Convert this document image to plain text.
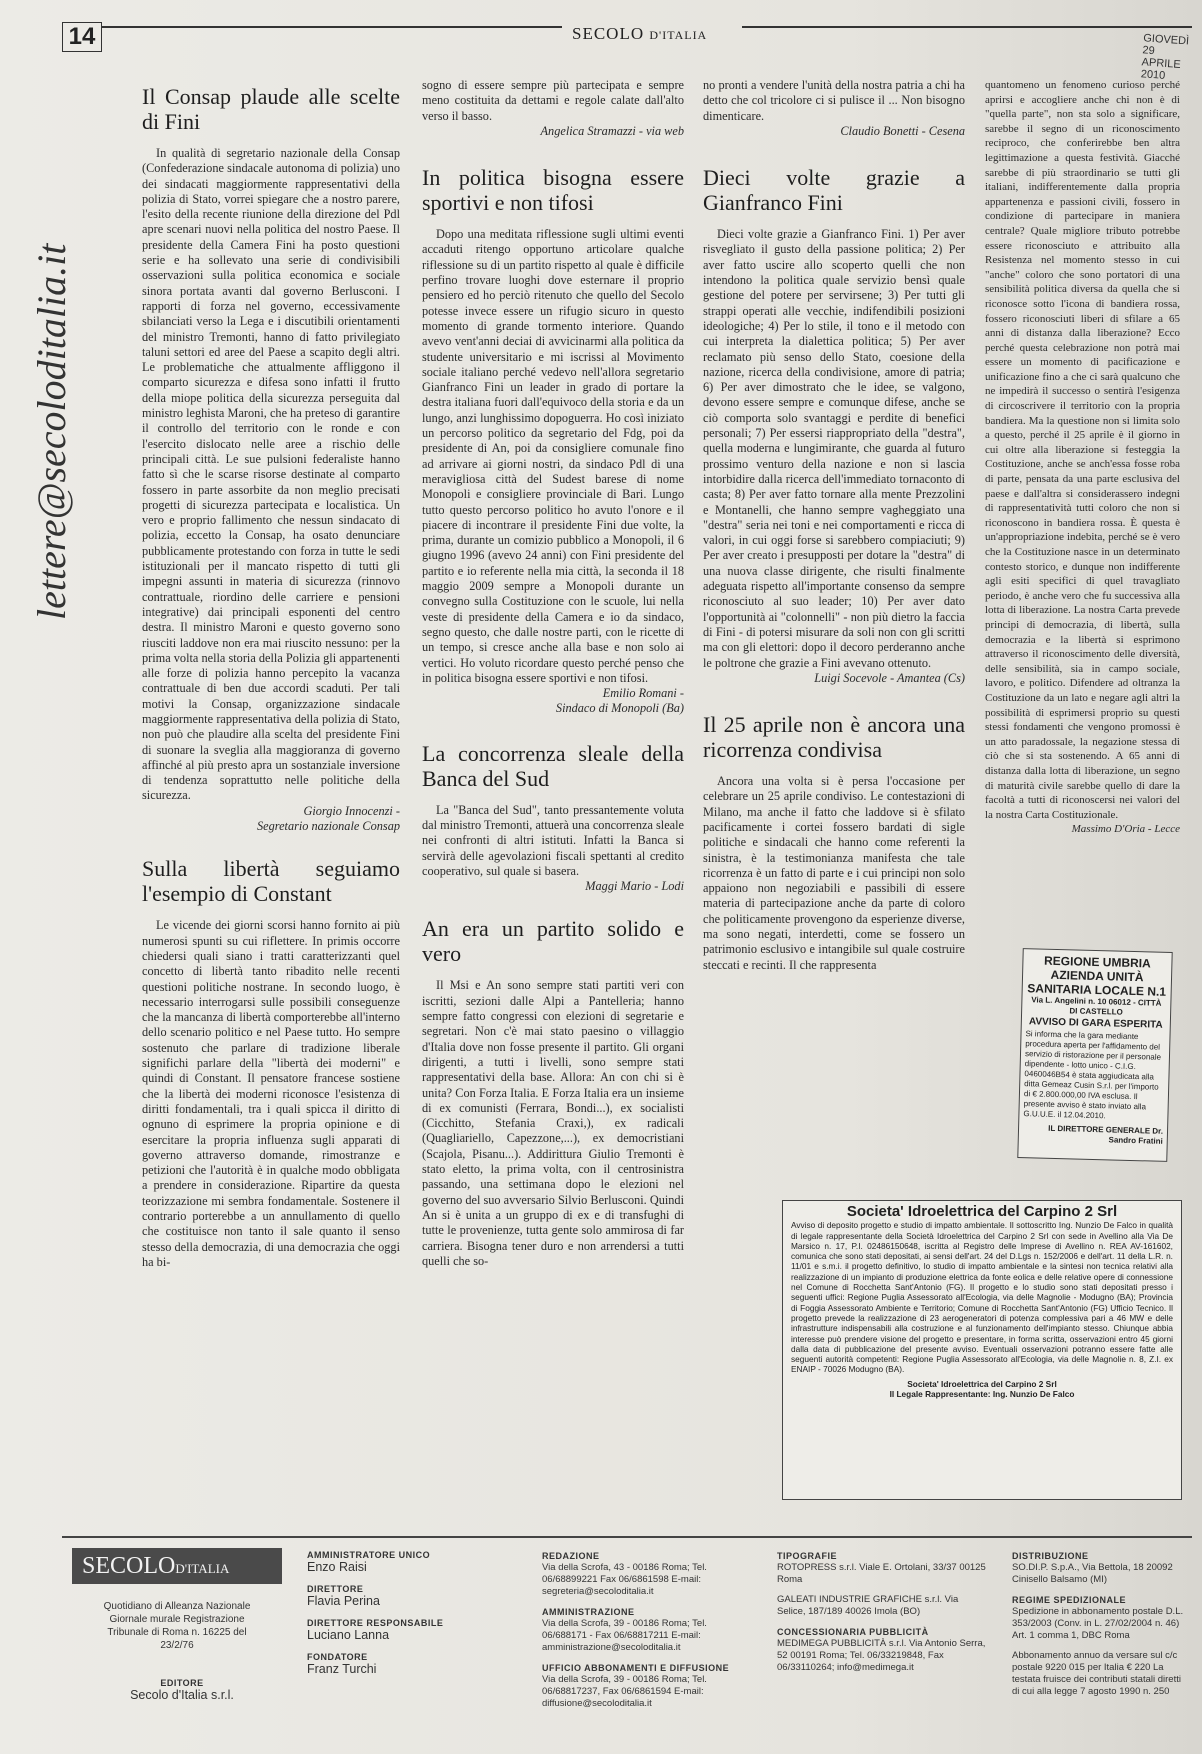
14	SECOLO D'ITALIA	GIOVEDÌ 29 APRILE 2010
lettere@secoloditalia.it
Il Consap plaude alle scelte di Fini

In qualità di segretario nazionale della Consap (Confederazione sindacale autonoma di polizia) uno dei sindacati maggiormente rappresentativi della polizia di Stato, vorrei spiegare che a nostro parere, l'esito della recente riunione della direzione del Pdl apre scenari nuovi nella politica del nostro Paese. Il presidente della Camera Fini ha posto questioni serie e ha sollevato una serie di condivisibili osservazioni sulla politica economica e sociale sinora portata avanti dal governo Berlusconi. I rapporti di forza nel governo, eccessivamente sbilanciati verso la Lega e i discutibili orientamenti del ministro Tremonti, hanno di fatto privilegiato taluni settori ed aree del Paese a scapito degli altri. Le problematiche che attualmente affliggono il comparto sicurezza e difesa sono infatti il frutto della miope politica della sicurezza perseguita dal ministro leghista Maroni, che ha preteso di garantire il controllo del territorio con le ronde e con l'esercito dislocato nelle aree a rischio delle principali città. Le sue pulsioni federaliste hanno fatto sì che le scarse risorse destinate al comparto fossero in parte assorbite da non meglio precisati progetti di sicurezza partecipata e localistica. Un vero e proprio fallimento che nessun sindacato di polizia, eccetto la Consap, ha osato denunciare pubblicamente protestando con forza in tutte le sedi istituzionali per il mancato rispetto di tutti gli impegni assunti in materia di sicurezza (rinnovo contrattuale, riordino delle carriere e pensioni integrative) dai principali esponenti del centro destra. Il ministro Maroni e questo governo sono riusciti laddove non era mai riuscito nessuno: per la prima volta nella storia della Polizia gli appartenenti alle forze di polizia hanno percepito la vacanza contrattuale di ben due accordi scaduti. Per tali motivi la Consap, organizzazione sindacale maggiormente rappresentativa della polizia di Stato, non può che plaudire alla scelta del presidente Fini di suonare la sveglia alla maggioranza di governo affinché al più presto apra un sostanziale inversione di tendenza soprattutto nelle politiche della sicurezza.

Giorgio Innocenzi -

Segretario nazionale Consap

Sulla libertà seguiamo l'esempio di Constant

Le vicende dei giorni scorsi hanno fornito ai più numerosi spunti su cui riflettere. In primis occorre chiedersi quali siano i tratti caratterizzanti quel concetto di libertà tanto ribadito nelle recenti questioni politiche nostrane. In secondo luogo, è necessario interrogarsi sulle possibili conseguenze che la mancanza di libertà comporterebbe all'interno dello scenario politico e nel Paese tutto. Ho sempre sostenuto che parlare di tradizione liberale significhi parlare della "libertà dei moderni" e quindi di Constant. Il pensatore francese sostiene che la libertà dei moderni riconosce l'esistenza di diritti fondamentali, tra i quali spicca il diritto di ognuno di esprimere la propria opinione e di esercitare la propria influenza sugli apparati di governo attraverso domande, rimostranze e petizioni che l'autorità è in qualche modo obbligata a prendere in considerazione. Ripartire da questa teorizzazione mi sembra fondamentale. Sostenere il contrario porterebbe a un annullamento di quello che costituisce non tanto il sale quanto il senso stesso della democrazia, di una democrazia che oggi ha bi-

sogno di essere sempre più partecipata e sempre meno costituita da dettami e regole calate dall'alto verso il basso.

Angelica Stramazzi - via web

In politica bisogna essere sportivi e non tifosi

Dopo una meditata riflessione sugli ultimi eventi accaduti ritengo opportuno articolare qualche riflessione su di un partito rispetto al quale è difficile perfino trovare luoghi dove esternare il proprio pensiero ed ho perciò ritenuto che quello del Secolo potesse invece essere un rifugio sicuro in questo momento di grande tormento interiore. Quando avevo vent'anni deciai di avvicinarmi alla politica da studente universitario e mi iscrissi al Movimento sociale italiano perché vedevo nell'allora segretario Gianfranco Fini un leader in grado di portare la destra italiana fuori dall'equivoco della storia e da un lungo, anzi lunghissimo dopoguerra. Ho così iniziato un percorso politico da segretario del Fdg, poi da presidente di An, poi da consigliere comunale fino ad arrivare ai giorni nostri, da sindaco Pdl di una meravigliosa città del Sudest barese di nome Monopoli e consigliere provinciale di Bari. Lungo tutto questo percorso politico ho avuto l'onore e il piacere di incontrare il presidente Fini due volte, la prima, durante un comizio pubblico a Monopoli, il 6 giugno 1996 (avevo 24 anni) con Fini presidente del partito e io referente nella mia città, la seconda il 18 maggio 2009 sempre a Monopoli durante un convegno sulla Costituzione con le scuole, lui nella veste di presidente della Camera e io da sindaco, segno questo, che dalle nostre parti, con le ricette di un tempo, si cresce anche alla base e non solo ai vertici. Ho voluto ricordare questo perché penso che in politica bisogna essere sportivi e non tifosi.

Emilio Romani -

Sindaco di Monopoli (Ba)

La concorrenza sleale della Banca del Sud

La "Banca del Sud", tanto pressantemente voluta dal ministro Tremonti, attuerà una concorrenza sleale nei confronti di altri istituti. Infatti la Banca si servirà delle agevolazioni fiscali spettanti al credito cooperativo, sul quale si basera.

Maggi Mario - Lodi

An era un partito solido e vero

Il Msi e An sono sempre stati partiti veri con iscritti, sezioni dalle Alpi a Pantelleria; hanno sempre fatto congressi con elezioni di segretarie e segretari. Non c'è mai stato paesino o villaggio d'Italia dove non fosse presente il partito. Gli organi dirigenti, a tutti i livelli, sono sempre stati rappresentativi della base. Allora: An con chi si è unita? Con Forza Italia. E Forza Italia era un insieme di ex comunisti (Ferrara, Bondi...), ex socialisti (Cicchitto, Stefania Craxi,), ex radicali (Quagliariello, Capezzone,...), ex democristiani (Scajola, Pisanu...). Addirittura Giulio Tremonti è stato eletto, la prima volta, con il centrosinistra passando, una settimana dopo le elezioni nel governo del suo avversario Silvio Berlusconi. Quindi An si è unita a un gruppo di ex e di transfughi di tutte le provenienze, tutta gente solo ammirosa di far carriera. Bisogna tener duro e non arrendersi a tutti quelli che so-

no pronti a vendere l'unità della nostra patria a chi ha detto che col tricolore ci si pulisce il ... Non bisogno dimenticare.

Claudio Bonetti - Cesena

Dieci volte grazie a Gianfranco Fini

Dieci volte grazie a Gianfranco Fini. 1) Per aver risvegliato il gusto della passione politica; 2) Per aver fatto uscire allo scoperto quelli che non intendono la politica quale servizio bensì quale gestione del potere per servirsene; 3) Per tutti gli strappi operati alle vecchie, indifendibili posizioni ideologiche; 4) Per lo stile, il tono e il metodo con cui interpreta la dialettica politica; 5) Per aver reclamato più senso dello Stato, coesione della nazione, ricerca della condivisione, amore di patria; 6) Per aver dimostrato che le idee, se valgono, devono essere sempre e comunque difese, anche se ciò comporta solo svantaggi e perdite di benefici personali; 7) Per essersi riappropriato della "destra", quella moderna e lungimirante, che guarda al futuro prossimo venturo della nazione e non si lascia intorbidire dalla ricerca dell'immediato tornaconto di casta; 8) Per aver fatto tornare alla mente Prezzolini e Montanelli, che hanno sempre vagheggiato una "destra" seria nei toni e nei comportamenti e ricca di valori, in cui oggi forse si sarebbero compiaciuti; 9) Per aver creato i presupposti per dotare la "destra" di una nuova classe dirigente, che risulti finalmente adeguata rispetto all'importante consenso da sempre riconosciuto al suo leader; 10) Per aver dato l'opportunità ai "colonnelli" - non più dietro la faccia di Fini - di potersi misurare da soli non con gli scritti ma con gli elettori: dopo il decoro perderanno anche le poltrone che grazie a Fini avevano ottenuto.

Luigi Socevole - Amantea (Cs)

Il 25 aprile non è ancora una ricorrenza condivisa

Ancora una volta si è persa l'occasione per celebrare un 25 aprile condiviso. Le contestazioni di Milano, ma anche il fatto che laddove si è sfilato pacificamente i cortei fossero bardati di sigle politiche e sindacali che hanno come referenti la sinistra, è la testimonianza manifesta che tale ricorrenza è un fatto di parte e i cui principi non solo appaiono non negoziabili e passibili di essere materia di partecipazione anche da parte di coloro che politicamente provengono da esperienze diverse, ma sono negati, interdetti, come se fossero un patrimonio esclusivo e intangibile sul quale costruire steccati e recinti. Il che rappresenta

quantomeno un fenomeno curioso perché aprirsi e accogliere anche chi non è di "quella parte", non sta solo a significare, sarebbe il segno di un riconoscimento reciproco, che conferirebbe ben altra legittimazione a questa festività. Giacché sarebbe di più straordinario se tutti gli italiani, indifferentemente dalla propria appartenenza e passioni civili, fossero in condizione di partecipare in maniera centrale? Quale migliore tributo potrebbe essere riconosciuto e attribuito alla Resistenza nel momento stesso in cui "anche" coloro che sono portatori di una sensibilità politica diversa da quella che si riconosce sotto l'icona di bandiera rossa, fossero riconosciuti liberi di sfilare a 65 anni di distanza dalla liberazione? Ecco perché questa celebrazione non potrà mai essere un momento di pacificazione e unificazione fino a che ci sarà qualcuno che ne impedirà il successo o sentirà l'esigenza di circoscrivere il territorio con la propria bandiera. Ma la questione non si limita solo a questo, perché il 25 aprile è il giorno in cui oltre alla liberazione si festeggia la Costituzione, anche se anch'essa fosse roba di parte, pensata da una parte esclusiva del paese e dall'altra si considerassero indegni di rappresentatività tutti coloro che non si riconoscono in bandiera rossa. È questa è un'appropriazione indebita, perché se è vero che la Costituzione nasce in un determinato contesto storico, e dunque non indifferente agli esiti specifici di quel travagliato periodo, è anche vero che fu successiva alla lotta di liberazione. La nostra Carta prevede principi di democrazia, di libertà, sulla democrazia e la libertà si esprimono attraverso il riconoscimento delle diversità, delle sensibilità, sia in campo sociale, lavoro, e politico. Difendere ad oltranza la Costituzione da un lato e negare agli altri la possibilità di esprimersi proprio su questi stessi fondamenti che vengono promossi è un atto paradossale, la negazione stessa di ciò che si sta sostenendo. A 65 anni di distanza dalla lotta di liberazione, un segno di maturità civile sarebbe quello di dare la facoltà a tutti di riconoscersi nei valori del la nostra Carta Costituzionale.

Massimo D'Oria - Lecce

REGIONE UMBRIA AZIENDA UNITÀ SANITARIA LOCALE N.1
Via L. Angelini n. 10 06012 - CITTÀ DI CASTELLO
AVVISO DI GARA ESPERITA
Si informa che la gara mediante procedura aperta per l'affidamento del servizio di ristorazione per il personale dipendente - lotto unico - C.I.G. 0460046B54 è stata aggiudicata alla ditta Gemeaz Cusin S.r.l. per l'importo di € 2.800.000,00 IVA esclusa. Il presente avviso è stato inviato alla G.U.U.E. il 12.04.2010.
IL DIRETTORE GENERALE Dr. Sandro Fratini
Societa' Idroelettrica del Carpino 2 Srl
Avviso di deposito progetto e studio di impatto ambientale. Il sottoscritto Ing. Nunzio De Falco in qualità di legale rappresentante della Società Idroelettrica del Carpino 2 Srl con sede in Avellino alla Via De Marsico n. 17, P.I. 02486150648, iscritta al Registro delle Imprese di Avellino n. REA AV-161602, comunica che sono stati depositati, ai sensi dell'art. 24 del D.Lgs n. 152/2006 e dell'art. 11 della L.R. n. 11/01 e s.m.i. il progetto definitivo, lo studio di impatto ambientale e la sintesi non tecnica relativi alla realizzazione di un impianto di produzione elettrica da fonte eolica e delle relative opere di connessione nel Comune di Rocchetta Sant'Antonio (FG). Il progetto e lo studio sono stati depositati presso i seguenti uffici: Regione Puglia Assessorato all'Ecologia, via delle Magnolie - Modugno (BA); Provincia di Foggia Assessorato Ambiente e Territorio; Comune di Rocchetta Sant'Antonio (FG) Ufficio Tecnico. Il progetto prevede la realizzazione di 23 aerogeneratori di potenza complessiva pari a 46 MW e delle infrastrutture indispensabili alla costruzione e al funzionamento dell'impianto stesso. Chiunque abbia interesse può prendere visione del progetto e presentare, in forma scritta, osservazioni entro 45 giorni dalla data di pubblicazione del presente avviso. Eventuali osservazioni potranno essere fatte alle seguenti autorità competenti: Regione Puglia Assessorato all'Ecologia, via delle Magnolie n. 8, Z.I. ex ENAIP - 70026 Modugno (BA).
Societa' Idroelettrica del Carpino 2 Srl
Il Legale Rappresentante: Ing. Nunzio De Falco
SECOLOD'ITALIA
Quotidiano di Alleanza Nazionale Giornale murale Registrazione Tribunale di Roma n. 16225 del 23/2/76
EDITORE
Secolo d'Italia s.r.l.
AMMINISTRATORE UNICO
Enzo Raisi
DIRETTORE
Flavia Perina
DIRETTORE RESPONSABILE
Luciano Lanna
FONDATORE
Franz Turchi
REDAZIONE
Via della Scrofa, 43 - 00186 Roma; Tel. 06/68899221 Fax 06/6861598 E-mail: segreteria@secoloditalia.it
AMMINISTRAZIONE
Via della Scrofa, 39 - 00186 Roma; Tel. 06/688171 - Fax 06/68817211 E-mail: amministrazione@secoloditalia.it
UFFICIO ABBONAMENTI E DIFFUSIONE
Via della Scrofa, 39 - 00186 Roma; Tel. 06/68817237, Fax 06/6861594 E-mail: diffusione@secoloditalia.it
TIPOGRAFIE
ROTOPRESS s.r.l. Viale E. Ortolani, 33/37 00125 Roma
GALEATI INDUSTRIE GRAFICHE s.r.l. Via Selice, 187/189 40026 Imola (BO)
CONCESSIONARIA PUBBLICITÀ
MEDIMEGA PUBBLICITÀ s.r.l. Via Antonio Serra, 52 00191 Roma; Tel. 06/33219848, Fax 06/33110264; info@medimega.it
DISTRIBUZIONE
SO.DI.P. S.p.A., Via Bettola, 18 20092 Cinisello Balsamo (MI)
REGIME SPEDIZIONALE
Spedizione in abbonamento postale D.L. 353/2003 (Conv. in L. 27/02/2004 n. 46) Art. 1 comma 1, DBC Roma
Abbonamento annuo da versare sul c/c postale 9220 015 per Italia € 220 La testata fruisce dei contributi statali diretti di cui alla legge 7 agosto 1990 n. 250
